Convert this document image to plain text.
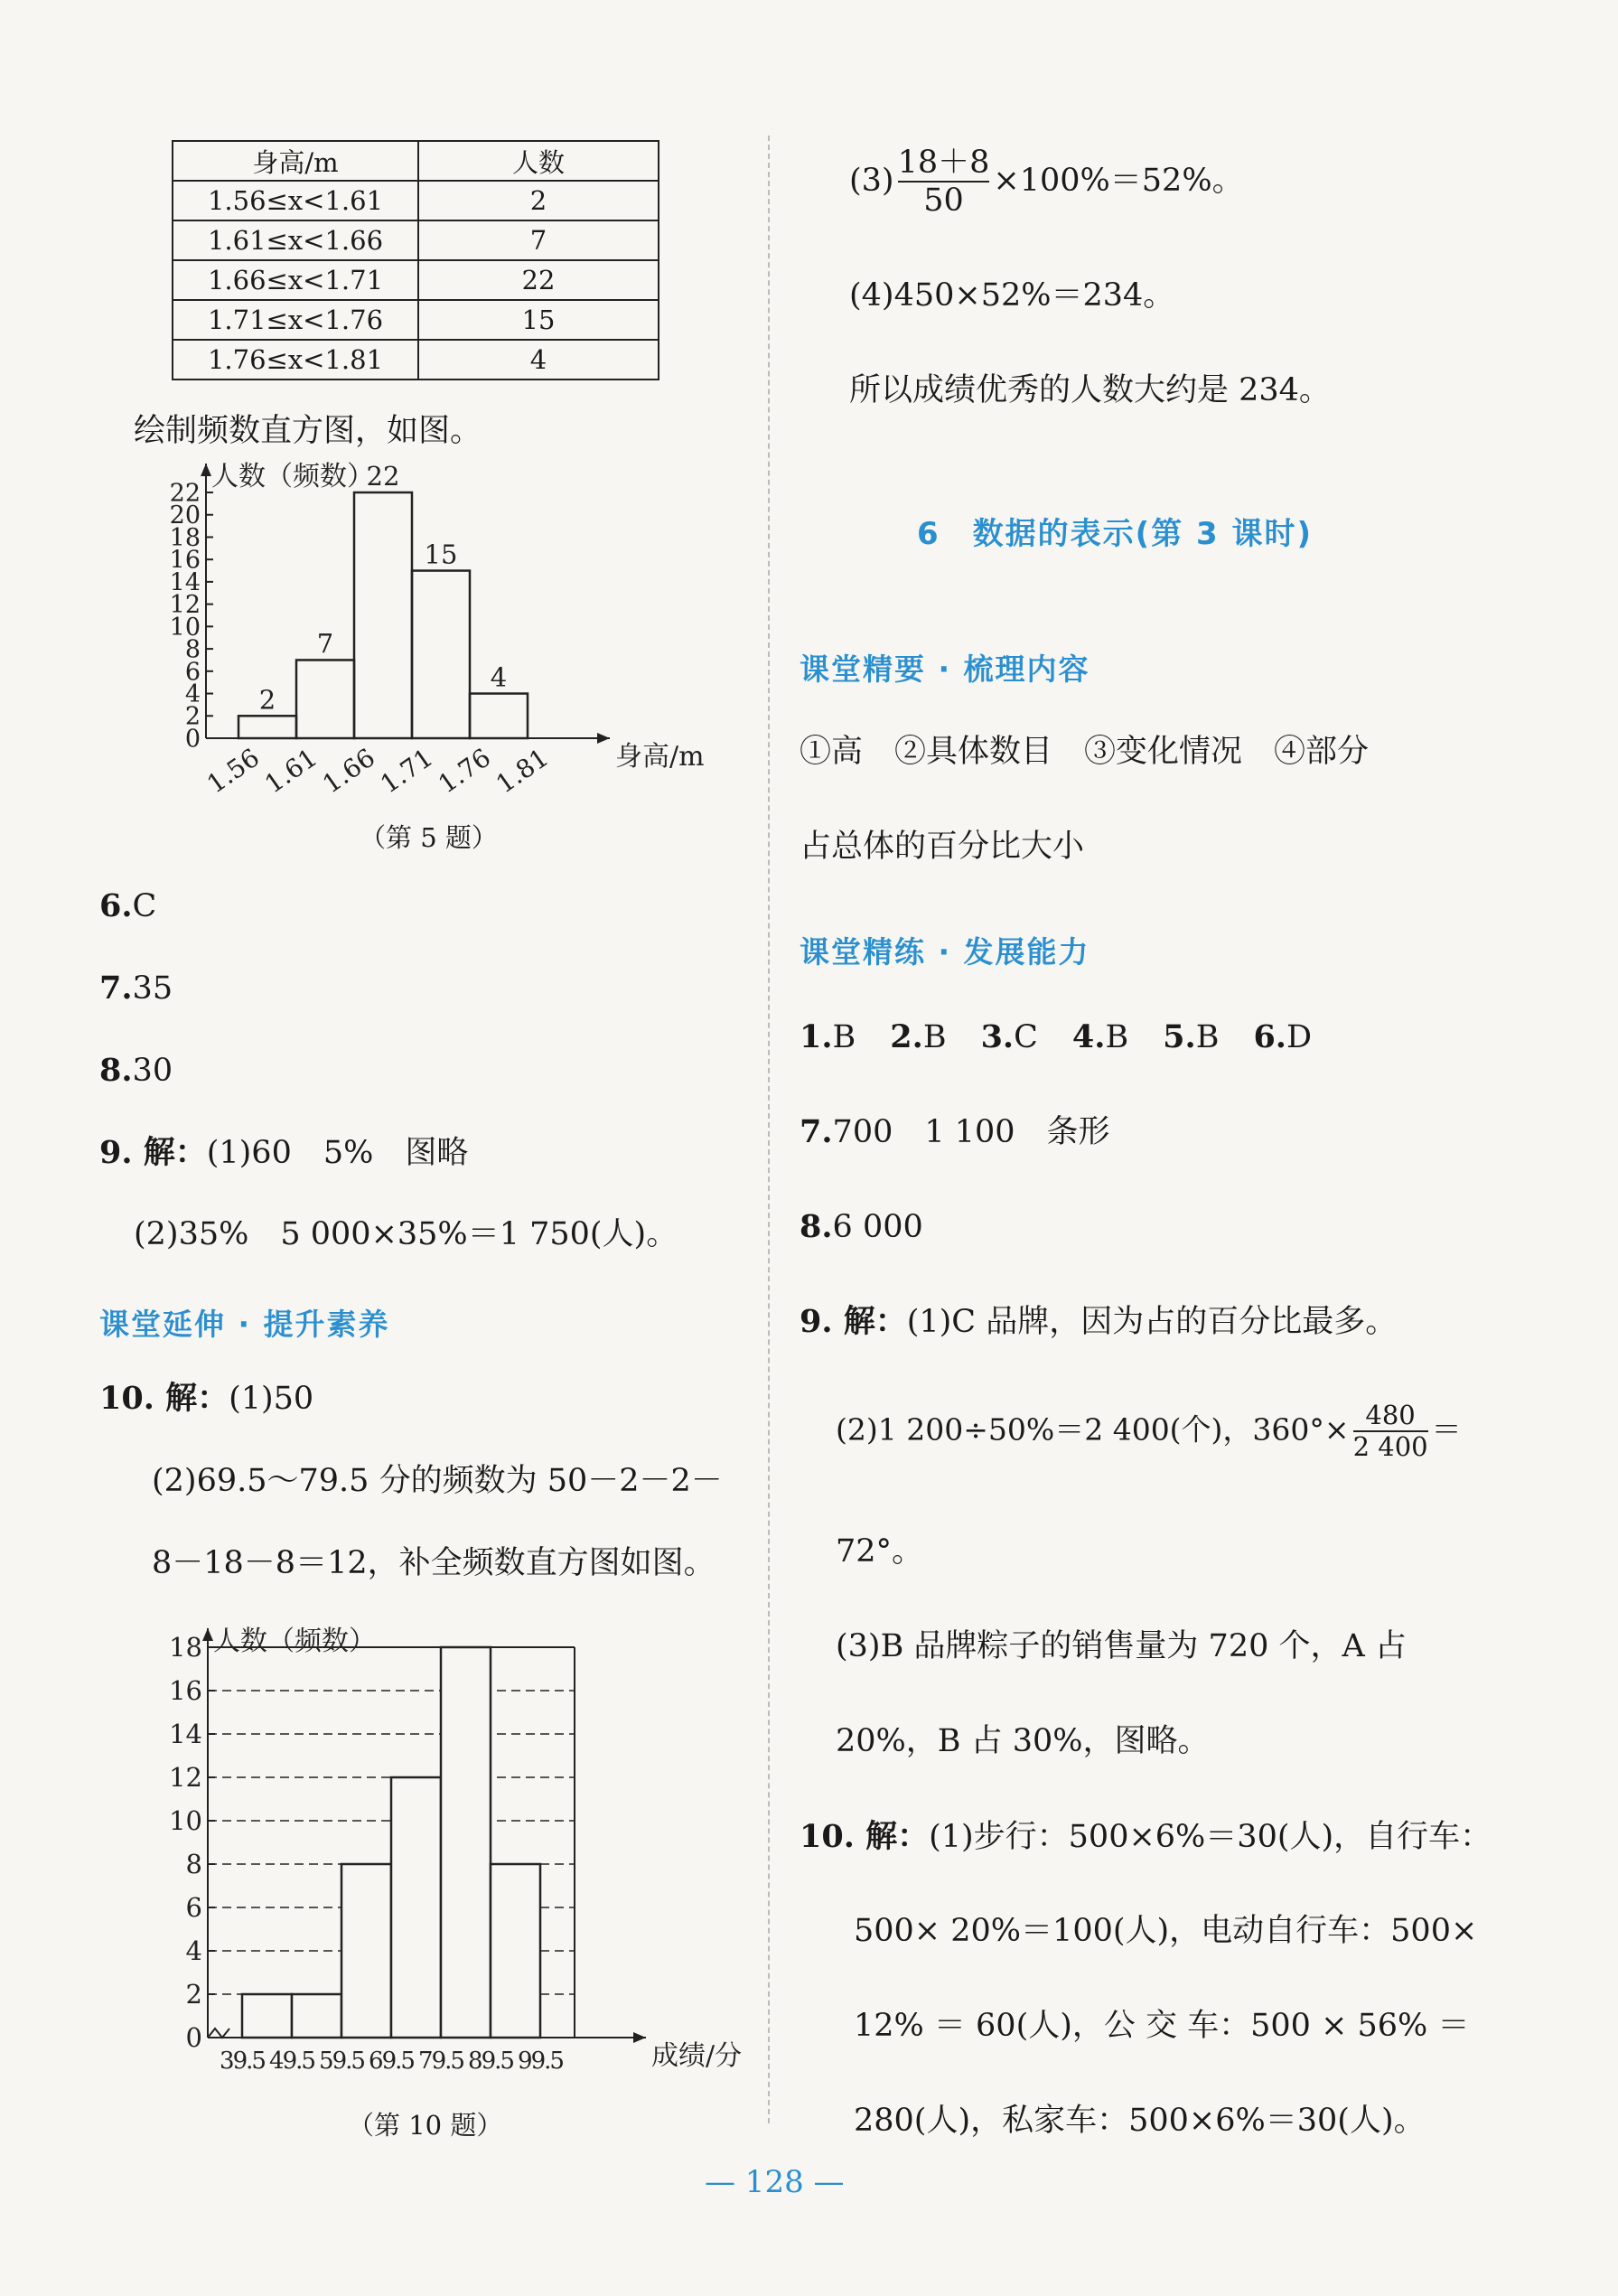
身高/m	人数
1.56≤x<1.61	2
1.61≤x<1.66	7
1.66≤x<1.71	22
1.71≤x<1.76	15
1.76≤x<1.81	4
绘制频数直方图，如图。
2
7
22
15
4
0
2
4
6
8
10
12
14
16
18
20
22
人数（频数）
身高/m
1.56
1.61
1.66
1.71
1.76
1.81
（第 5 题）
6.C
7.35
8.30
9. 解：(1)60　5%　图略
(2)35%　5 000×35%＝1 750(人)。
课堂延伸 · 提升素养
10. 解：(1)50
(2)69.5～79.5 分的频数为 50－2－2－
8－18－8＝12，补全频数直方图如图。
0
2
4
6
8
10
12
14
16
18 人数（频数）
成绩/分
39.5 49.5 59.5 69.5 79.5 89.5 99.5
（第 10 题）
$(3) \frac{18+8}{50} \times 100\%=52\%$。
(4)450×52%＝234。
所以成绩优秀的人数大约是 234。
6　数据的表示(第 3 课时)
课堂精要 · 梳理内容
①高　②具体数目　③变化情况　④部分
占总体的百分比大小
课堂精练 · 发展能力
1.B 2.B 3.C 4.B 5.B 6.D
7.700　1 100　条形
8.6 000
9. 解：(1)C 品牌，因为占的百分比最多。
(2)1 200÷50%＝2 400(个)，$360^\circ\times \frac{480}{2 400}$ ＝
72°。
(3)B 品牌粽子的销售量为 720 个，A 占
20%，B 占 30%，图略。
10. 解：(1)步行：500×6%＝30(人)，自行车：
500× 20%＝100(人)，电动自行车：500×
12% ＝ 60(人)，公 交 车：500 × 56% ＝
280(人)，私家车：500×6%＝30(人)。
— 128 —
